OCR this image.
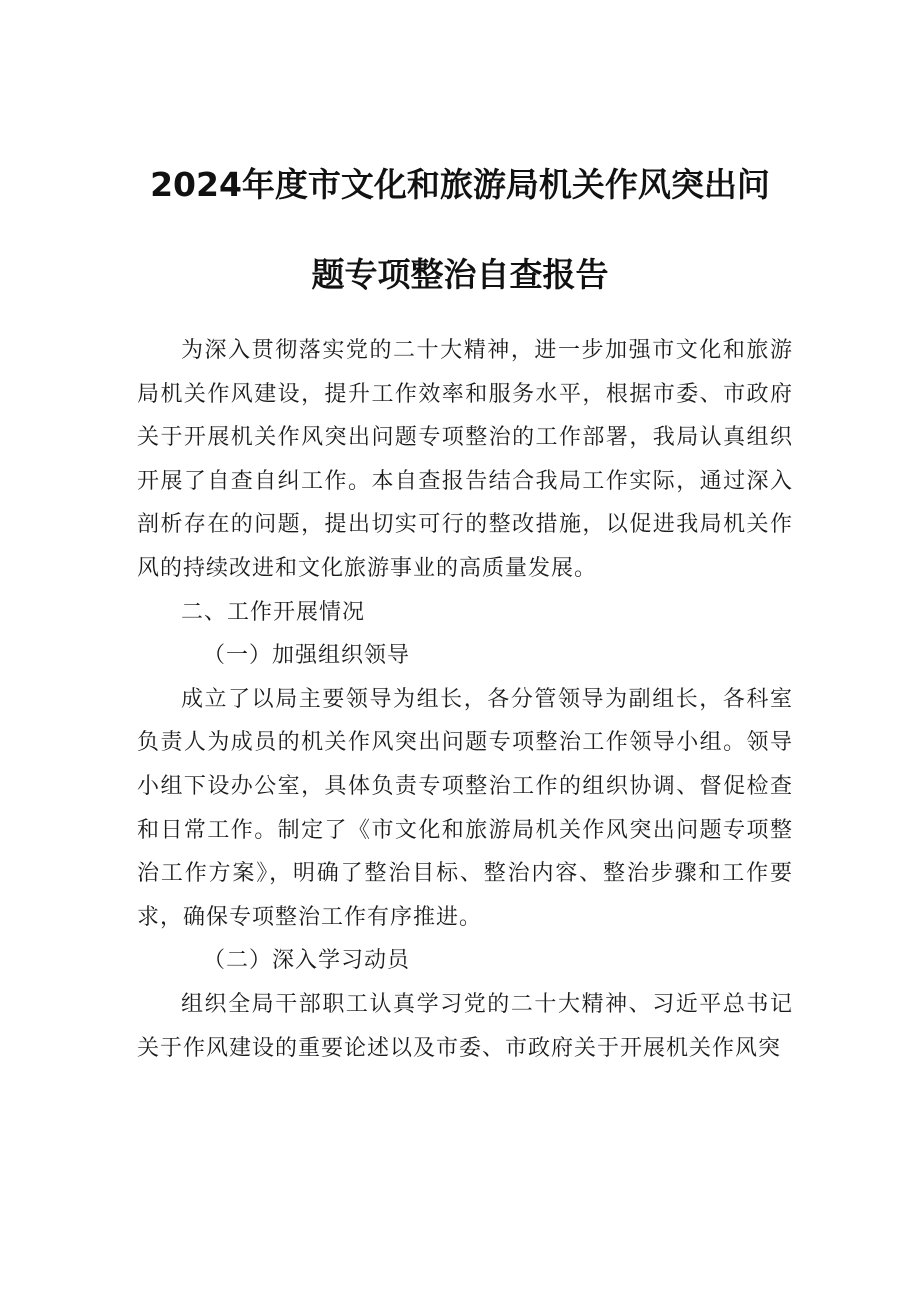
2024年度市文化和旅游局机关作风突出问
题专项整治自查报告

为深入贯彻落实党的二十大精神，进一步加强市文化和旅游局机关作风建设，提升工作效率和服务水平，根据市委、市政府关于开展机关作风突出问题专项整治的工作部署，我局认真组织开展了自查自纠工作。本自查报告结合我局工作实际，通过深入剖析存在的问题，提出切实可行的整改措施，以促进我局机关作风的持续改进和文化旅游事业的高质量发展。

二、工作开展情况

（一）加强组织领导

成立了以局主要领导为组长，各分管领导为副组长，各科室负责人为成员的机关作风突出问题专项整治工作领导小组。领导小组下设办公室，具体负责专项整治工作的组织协调、督促检查和日常工作。制定了《市文化和旅游局机关作风突出问题专项整治工作方案》，明确了整治目标、整治内容、整治步骤和工作要求，确保专项整治工作有序推进。

（二）深入学习动员

组织全局干部职工认真学习党的二十大精神、习近平总书记关于作风建设的重要论述以及市委、市政府关于开展机关作风突
